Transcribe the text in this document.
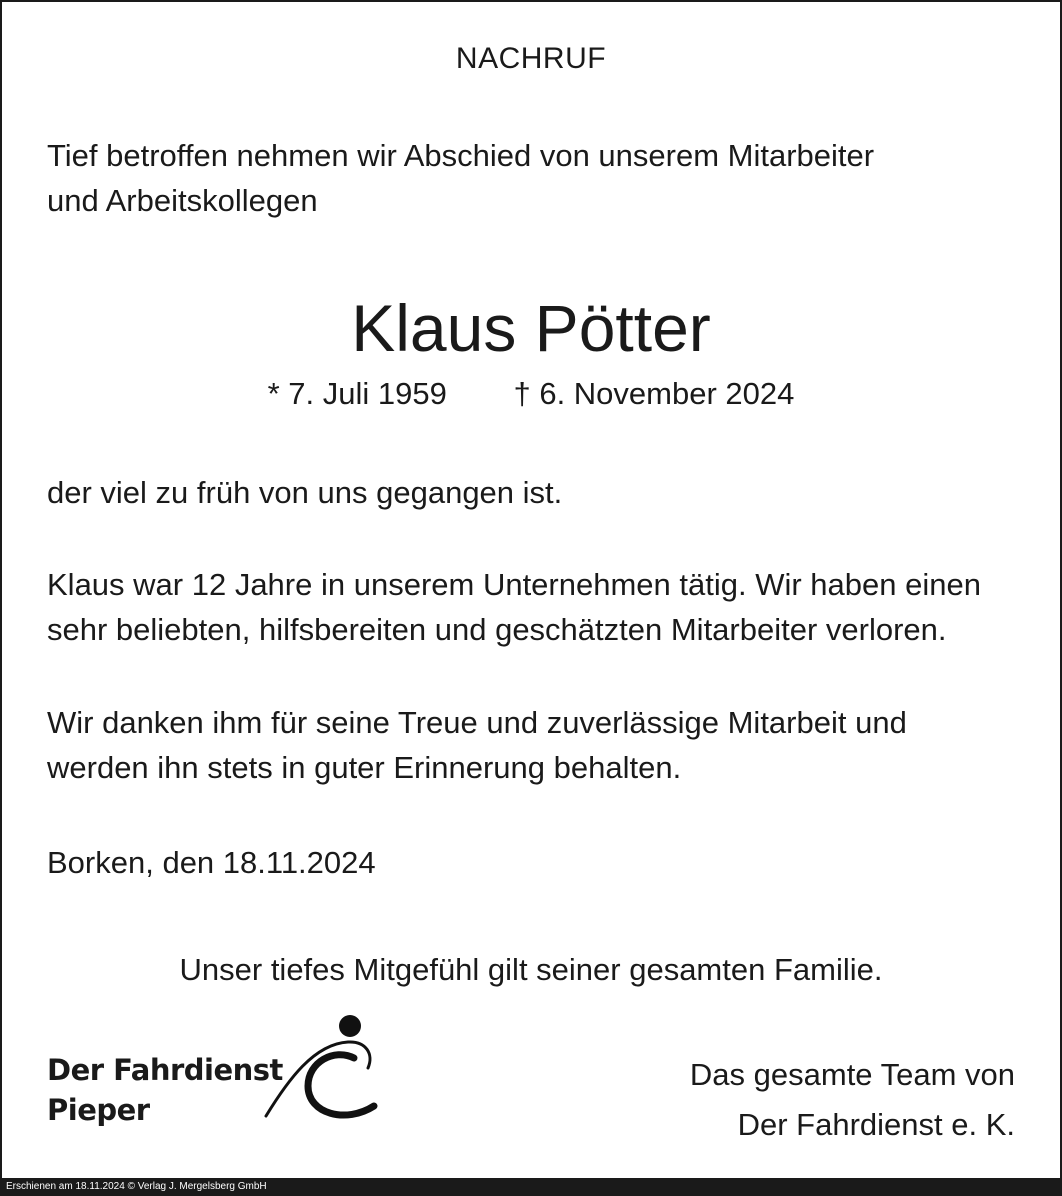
NACHRUF
Tief betroffen nehmen wir Abschied von unserem Mitarbeiter
und Arbeitskollegen
Klaus Pötter
* 7. Juli 1959 † 6. November 2024
der viel zu früh von uns gegangen ist.
Klaus war 12 Jahre in unserem Unternehmen tätig. Wir haben einen
sehr beliebten, hilfsbereiten und geschätzten Mitarbeiter verloren.
Wir danken ihm für seine Treue und zuverlässige Mitarbeit und
werden ihn stets in guter Erinnerung behalten.
Borken, den 18.11.2024
Unser tiefes Mitgefühl gilt seiner gesamten Familie.
Der Fahrdienst
Pieper
Das gesamte Team von
Der Fahrdienst e. K.
Erschienen am 18.11.2024 © Verlag J. Mergelsberg GmbH
